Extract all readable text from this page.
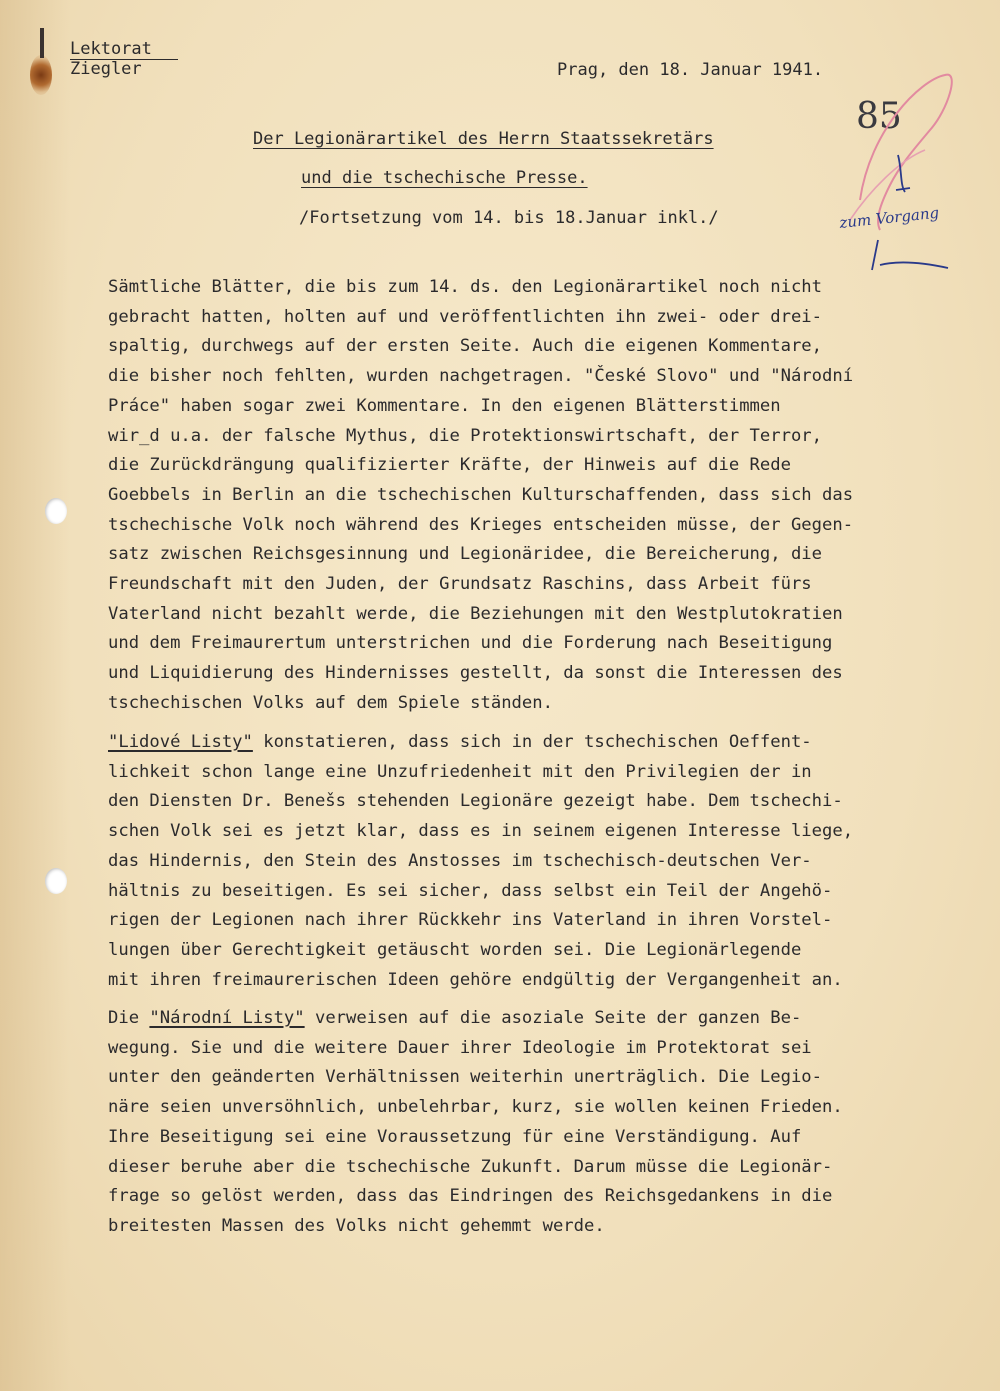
Lektorat
Ziegler	Prag, den 18. Januar 1941.
85
zum Vorgang
Der Legionärartikel des Herrn Staatssekretärs
und die tschechische Presse.
/Fortsetzung vom 14. bis 18.Januar inkl./
Sämtliche Blätter, die bis zum 14. ds. den Legionärartikel noch nicht
gebracht hatten, holten auf und veröffentlichten ihn zwei- oder drei-
spaltig, durchwegs auf der ersten Seite. Auch die eigenen Kommentare,
die bisher noch fehlten, wurden nachgetragen. "České Slovo" und "Národní
Práce" haben sogar zwei Kommentare. In den eigenen Blätterstimmen
wir_d u.a. der falsche Mythus, die Protektionswirtschaft, der Terror,
die Zurückdrängung qualifizierter Kräfte, der Hinweis auf die Rede
Goebbels in Berlin an die tschechischen Kulturschaffenden, dass sich das
tschechische Volk noch während des Krieges entscheiden müsse, der Gegen-
satz zwischen Reichsgesinnung und Legionäridee, die Bereicherung, die
Freundschaft mit den Juden, der Grundsatz Raschins, dass Arbeit fürs
Vaterland nicht bezahlt werde, die Beziehungen mit den Westplutokratien
und dem Freimaurertum unterstrichen und die Forderung nach Beseitigung
und Liquidierung des Hindernisses gestellt, da sonst die Interessen des
tschechischen Volks auf dem Spiele ständen.
"Lidové Listy" konstatieren, dass sich in der tschechischen Oeffent-
lichkeit schon lange eine Unzufriedenheit mit den Privilegien der in
den Diensten Dr. Benešs stehenden Legionäre gezeigt habe. Dem tschechi-
schen Volk sei es jetzt klar, dass es in seinem eigenen Interesse liege,
das Hindernis, den Stein des Anstosses im tschechisch-deutschen Ver-
hältnis zu beseitigen. Es sei sicher, dass selbst ein Teil der Angehö-
rigen der Legionen nach ihrer Rückkehr ins Vaterland in ihren Vorstel-
lungen über Gerechtigkeit getäuscht worden sei. Die Legionärlegende
mit ihren freimaurerischen Ideen gehöre endgültig der Vergangenheit an.
Die "Národní Listy" verweisen auf die asoziale Seite der ganzen Be-
wegung. Sie und die weitere Dauer ihrer Ideologie im Protektorat sei
unter den geänderten Verhältnissen weiterhin unerträglich. Die Legio-
näre seien unversöhnlich, unbelehrbar, kurz, sie wollen keinen Frieden.
Ihre Beseitigung sei eine Voraussetzung für eine Verständigung. Auf
dieser beruhe aber die tschechische Zukunft. Darum müsse die Legionär-
frage so gelöst werden, dass das Eindringen des Reichsgedankens in die
breitesten Massen des Volks nicht gehemmt werde.
